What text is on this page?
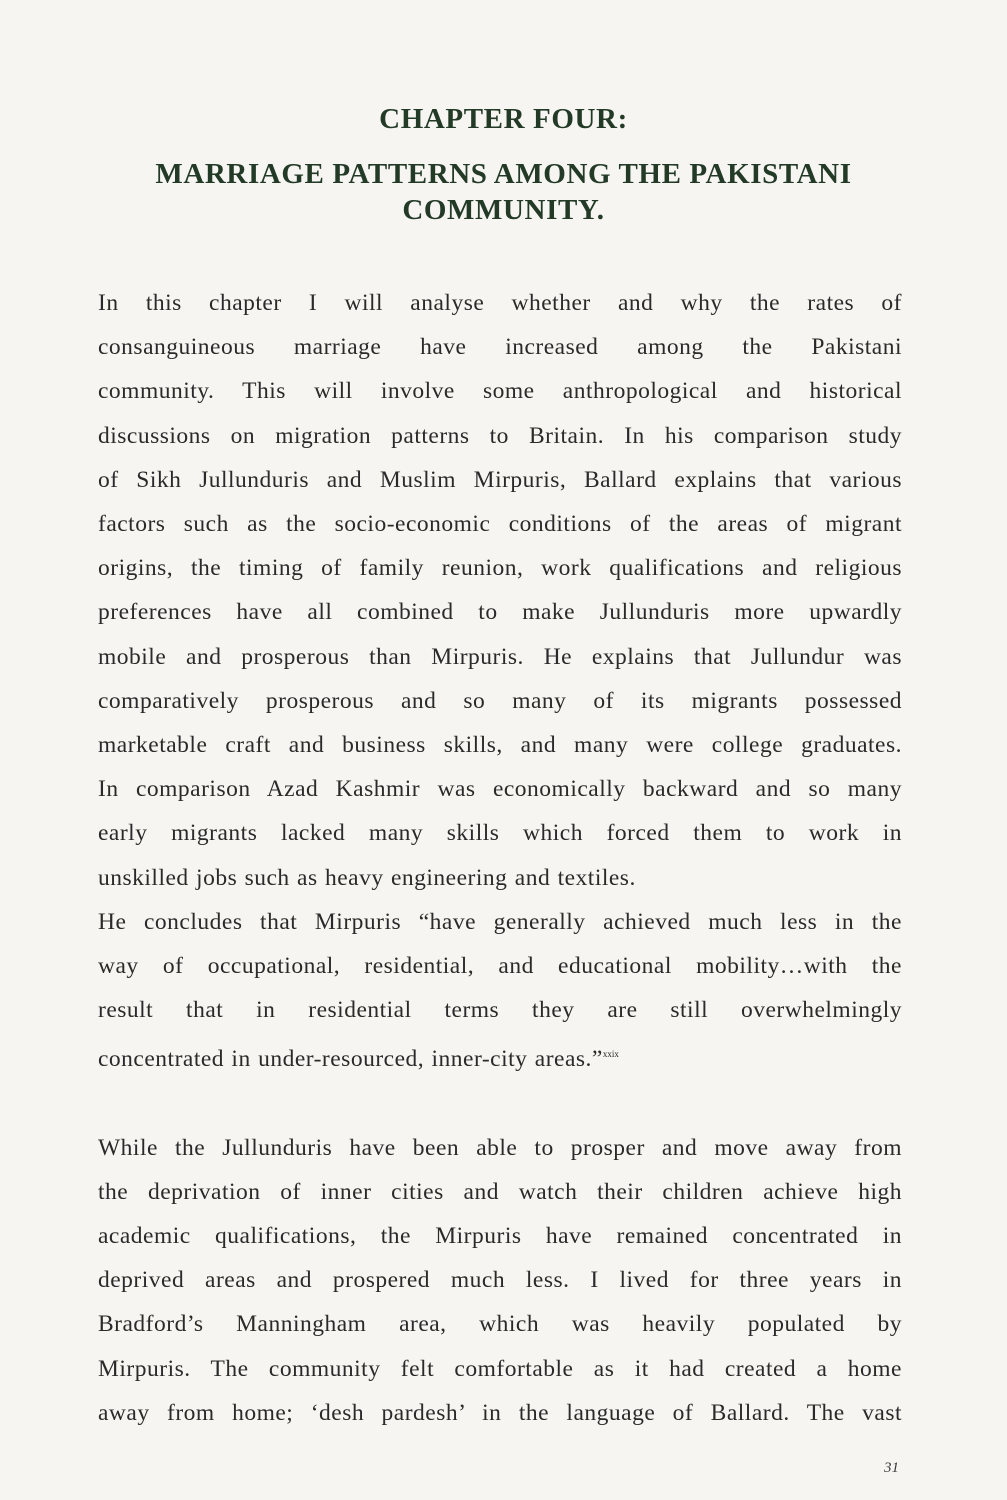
CHAPTER FOUR:
MARRIAGE PATTERNS AMONG THE PAKISTANI
COMMUNITY.
In this chapter I will analyse whether and why the rates of
consanguineous marriage have increased among the Pakistani
community. This will involve some anthropological and historical
discussions on migration patterns to Britain. In his comparison study
of Sikh Jullunduris and Muslim Mirpuris, Ballard explains that various
factors such as the socio-economic conditions of the areas of migrant
origins, the timing of family reunion, work qualifications and religious
preferences have all combined to make Jullunduris more upwardly
mobile and prosperous than Mirpuris. He explains that Jullundur was
comparatively prosperous and so many of its migrants possessed
marketable craft and business skills, and many were college graduates.
In comparison Azad Kashmir was economically backward and so many
early migrants lacked many skills which forced them to work in
unskilled jobs such as heavy engineering and textiles.
He concludes that Mirpuris “have generally achieved much less in the
way of occupational, residential, and educational mobility…with the
result that in residential terms they are still overwhelmingly
concentrated in under-resourced, inner-city areas.”$^{xxix}$
While the Jullunduris have been able to prosper and move away from
the deprivation of inner cities and watch their children achieve high
academic qualifications, the Mirpuris have remained concentrated in
deprived areas and prospered much less. I lived for three years in
Bradford’s Manningham area, which was heavily populated by
Mirpuris. The community felt comfortable as it had created a home
away from home; ‘desh pardesh’ in the language of Ballard. The vast
31
